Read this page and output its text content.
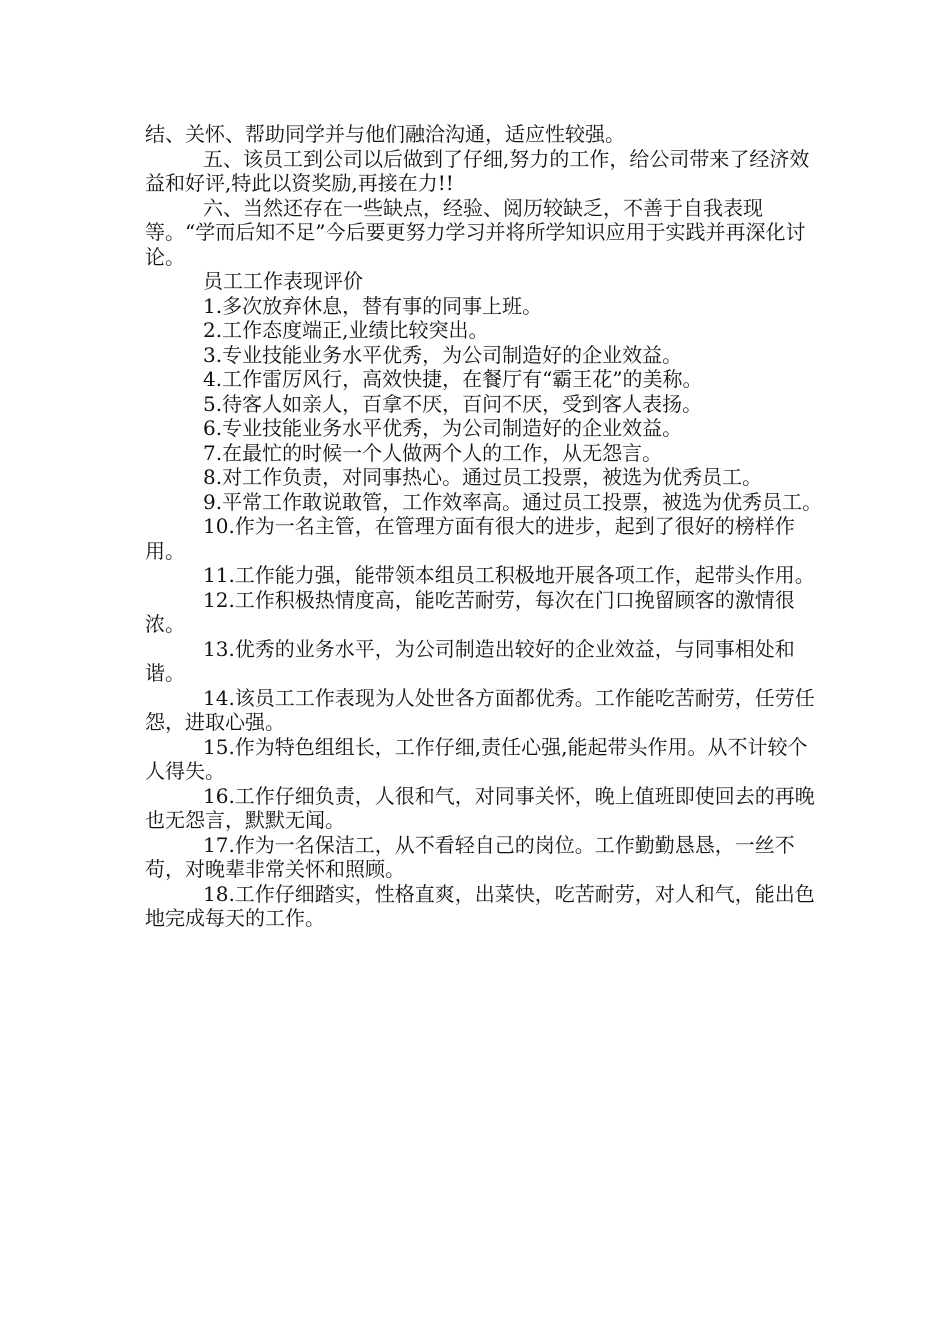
结、关怀、帮助同学并与他们融洽沟通，适应性较强。

五、该员工到公司以后做到了仔细,努力的工作，给公司带来了经济效益和好评,特此以资奖励,再接在力!!

六、当然还存在一些缺点，经验、阅历较缺乏，不善于自我表现等。“学而后知不足”今后要更努力学习并将所学知识应用于实践并再深化讨论。

员工工作表现评价

1.多次放弃休息，替有事的同事上班。

2.工作态度端正,业绩比较突出。

3.专业技能业务水平优秀，为公司制造好的企业效益。

4.工作雷厉风行，高效快捷，在餐厅有“霸王花”的美称。

5.待客人如亲人，百拿不厌，百问不厌，受到客人表扬。

6.专业技能业务水平优秀，为公司制造好的企业效益。

7.在最忙的时候一个人做两个人的工作，从无怨言。

8.对工作负责，对同事热心。通过员工投票，被选为优秀员工。

9.平常工作敢说敢管，工作效率高。通过员工投票，被选为优秀员工。

10.作为一名主管，在管理方面有很大的进步，起到了很好的榜样作用。

11.工作能力强，能带领本组员工积极地开展各项工作，起带头作用。

12.工作积极热情度高，能吃苦耐劳，每次在门口挽留顾客的激情很浓。

13.优秀的业务水平，为公司制造出较好的企业效益，与同事相处和谐。

14.该员工工作表现为人处世各方面都优秀。工作能吃苦耐劳，任劳任怨，进取心强。

15.作为特色组组长，工作仔细,责任心强,能起带头作用。从不计较个人得失。

16.工作仔细负责，人很和气，对同事关怀，晚上值班即使回去的再晚也无怨言，默默无闻。

17.作为一名保洁工，从不看轻自己的岗位。工作勤勤恳恳，一丝不苟，对晚辈非常关怀和照顾。

18.工作仔细踏实，性格直爽，出菜快，吃苦耐劳，对人和气，能出色地完成每天的工作。
